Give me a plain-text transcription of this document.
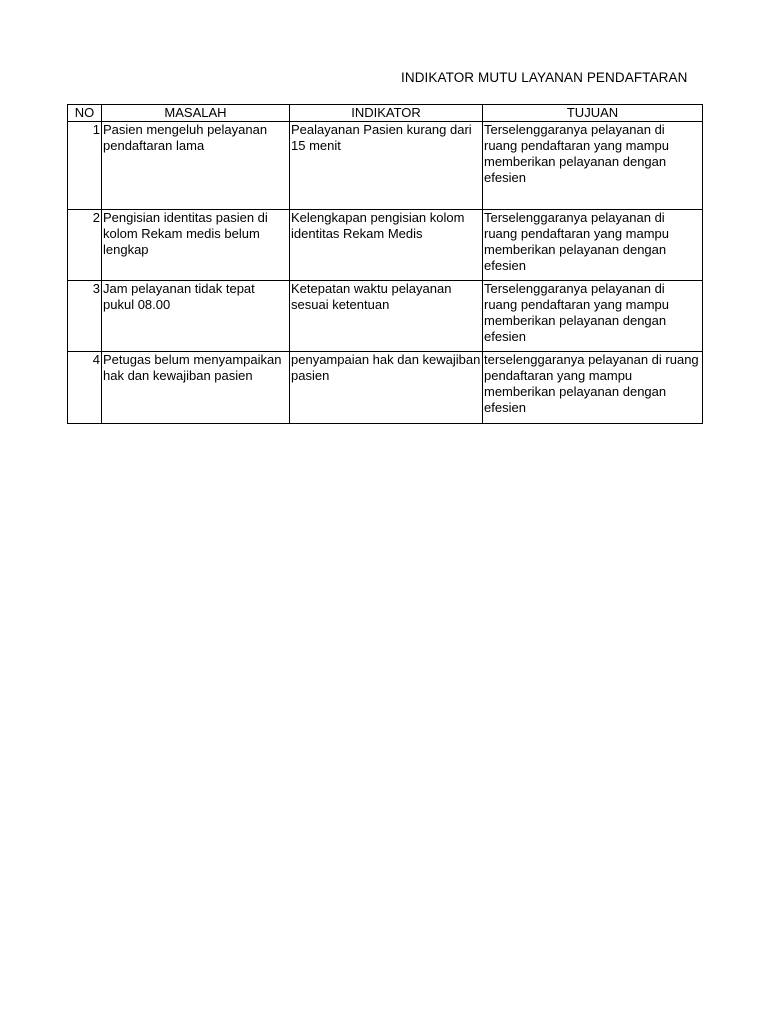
INDIKATOR MUTU LAYANAN PENDAFTARAN
NO	MASALAH	INDIKATOR	TUJUAN
1	Pasien mengeluh pelayanan pendaftaran lama	Pealayanan Pasien kurang dari 15 menit	Terselenggaranya pelayanan di ruang pendaftaran yang mampu memberikan pelayanan dengan efesien
2	Pengisian identitas pasien di kolom Rekam medis belum lengkap	Kelengkapan pengisian kolom identitas Rekam Medis	Terselenggaranya pelayanan di ruang pendaftaran yang mampu memberikan pelayanan dengan efesien
3	Jam pelayanan tidak tepat pukul 08.00	Ketepatan waktu pelayanan sesuai ketentuan	Terselenggaranya pelayanan di ruang pendaftaran yang mampu memberikan pelayanan dengan efesien
4	Petugas belum menyampaikan hak dan kewajiban pasien	penyampaian hak dan kewajiban pasien	terselenggaranya pelayanan di ruang pendaftaran yang mampu memberikan pelayanan dengan efesien
